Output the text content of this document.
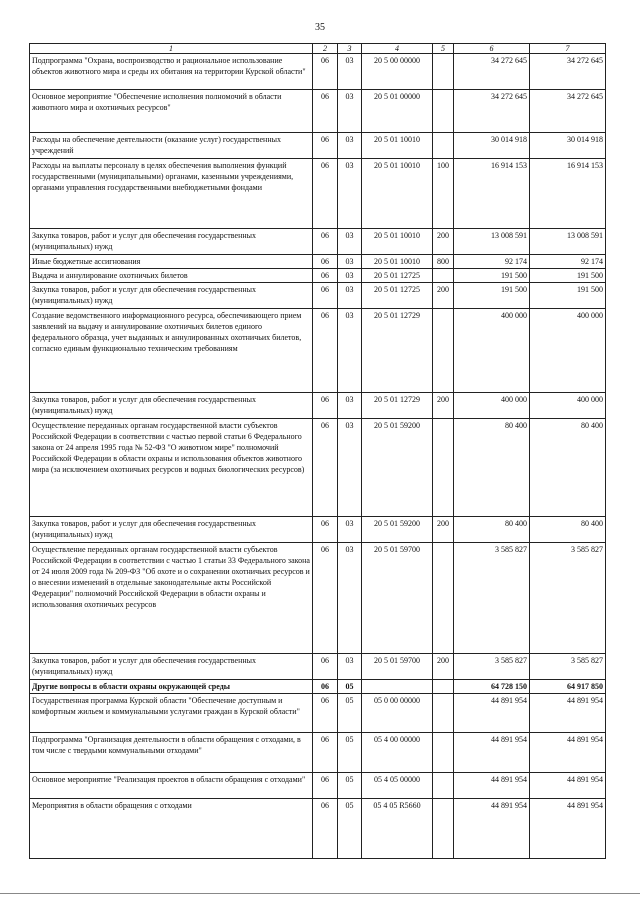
35
1	2	3	4	5	6	7
Подпрограмма "Охрана, воспроизводство и рациональное использование объектов животного мира и среды их обитания на территории Курской области"	06	03	20 5 00 00000		34 272 645	34 272 645
Основное мероприятие "Обеспечение исполнения полномочий в области животного мира и охотничьих ресурсов"	06	03	20 5 01 00000		34 272 645	34 272 645
Расходы на обеспечение деятельности (оказание услуг) государственных учреждений	06	03	20 5 01 10010		30 014 918	30 014 918
Расходы на выплаты персоналу в целях обеспечения выполнения функций государственными (муниципальными) органами, казенными учреждениями, органами управления государственными внебюджетными фондами	06	03	20 5 01 10010	100	16 914 153	16 914 153
Закупка товаров, работ и услуг для обеспечения государственных (муниципальных) нужд	06	03	20 5 01 10010	200	13 008 591	13 008 591
Иные бюджетные ассигнования	06	03	20 5 01 10010	800	92 174	92 174
Выдача и аннулирование охотничьих билетов	06	03	20 5 01 12725		191 500	191 500
Закупка товаров, работ и услуг для обеспечения государственных (муниципальных) нужд	06	03	20 5 01 12725	200	191 500	191 500
Создание ведомственного информационного ресурса, обеспечивающего прием заявлений на выдачу и аннулирование охотничьих билетов единого федерального образца, учет выданных и аннулированных охотничьих билетов, согласно единым функционально техническим требованиям	06	03	20 5 01 12729		400 000	400 000
Закупка товаров, работ и услуг для обеспечения государственных (муниципальных) нужд	06	03	20 5 01 12729	200	400 000	400 000
Осуществление переданных органам государственной власти субъектов Российской Федерации в соответствии с частью первой статьи 6 Федерального закона от 24 апреля 1995 года № 52-ФЗ "О животном мире" полномочий Российской Федерации в области охраны и использования объектов животного мира (за исключением охотничьих ресурсов и водных биологических ресурсов)	06	03	20 5 01 59200		80 400	80 400
Закупка товаров, работ и услуг для обеспечения государственных (муниципальных) нужд	06	03	20 5 01 59200	200	80 400	80 400
Осуществление переданных органам государственной власти субъектов Российской Федерации в соответствии с частью 1 статьи 33 Федерального закона от 24 июля 2009 года № 209-ФЗ "Об охоте и о сохранении охотничьих ресурсов и о внесении изменений в отдельные законодательные акты Российской Федерации" полномочий Российской Федерации в области охраны и использования охотничьих ресурсов	06	03	20 5 01 59700		3 585 827	3 585 827
Закупка товаров, работ и услуг для обеспечения государственных (муниципальных) нужд	06	03	20 5 01 59700	200	3 585 827	3 585 827
Другие вопросы в области охраны окружающей среды	06	05			64 728 150	64 917 850
Государственная программа Курской области "Обеспечение доступным и комфортным жильем и коммунальными услугами граждан в Курской области"	06	05	05 0 00 00000		44 891 954	44 891 954
Подпрограмма "Организация деятельности в области обращения с отходами, в том числе с твердыми коммунальными отходами"	06	05	05 4 00 00000		44 891 954	44 891 954
Основное мероприятие "Реализация проектов в области обращения с отходами"	06	05	05 4 05 00000		44 891 954	44 891 954
Мероприятия в области обращения с отходами	06	05	05 4 05 R5660		44 891 954	44 891 954
